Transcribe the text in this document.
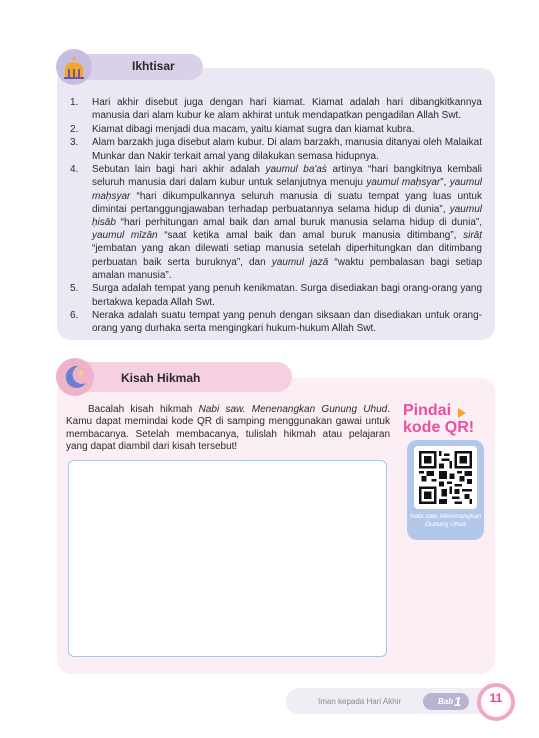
Ikhtisar
1. Hari akhir disebut juga dengan hari kiamat. Kiamat adalah hari dibangkitkannya manusia dari alam kubur ke alam akhirat untuk mendapatkan pengadilan Allah Swt.
2. Kiamat dibagi menjadi dua macam, yaitu kiamat sugra dan kiamat kubra.
3. Alam barzakh juga disebut alam kubur. Di alam barzakh, manusia ditanyai oleh Malaikat Munkar dan Nakir terkait amal yang dilakukan semasa hidupnya.
4. Sebutan lain bagi hari akhir adalah yaumul ba'aṡ artinya “hari bangkitnya kembali seluruh manusia dari dalam kubur untuk selanjutnya menuju yaumul maḥsyar”, yaumul maḥsyar “hari dikumpulkannya seluruh manusia di suatu tempat yang luas untuk dimintai pertanggungjawaban terhadap perbuatannya selama hidup di dunia”, yaumul ḥisāb “hari perhitungan amal baik dan amal buruk manusia selama hidup di dunia”, yaumul mīzān “saat ketika amal baik dan amal buruk manusia ditimbang”, sirāṭ “jembatan yang akan dilewati setiap manusia setelah diperhitungkan dan ditimbang perbuatan baik serta buruknya”, dan yaumul jazā “waktu pembalasan bagi setiap amalan manusia”.
5. Surga adalah tempat yang penuh kenikmatan. Surga disediakan bagi orang-orang yang bertakwa kepada Allah Swt.
6. Neraka adalah suatu tempat yang penuh dengan siksaan dan disediakan untuk orang-orang yang durhaka serta mengingkari hukum-hukum Allah Swt.
Kisah Hikmah

Bacalah kisah hikmah Nabi saw. Menenangkan Gunung Uhud. Kamu dapat memindai kode QR di samping menggunakan gawai untuk membacanya. Setelah membacanya, tulislah hikmah atau pelajaran yang dapat diambil dari kisah tersebut!

Pindai
kode QR!
Nabi saw. Menenangkan Gunung Uhud
Iman kepada Hari Akhir	Bab 1	11
